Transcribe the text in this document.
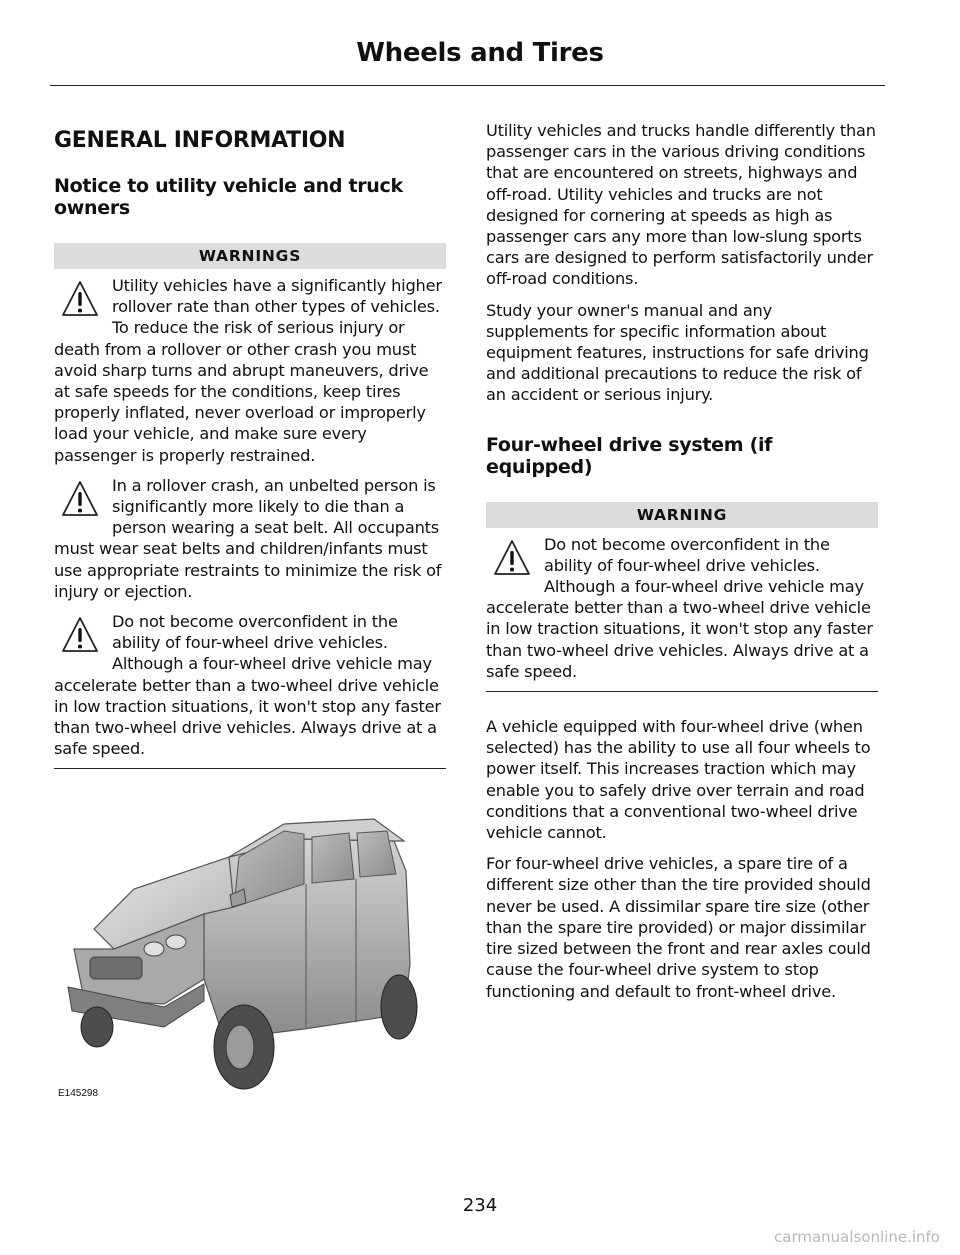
Wheels and Tires
GENERAL INFORMATION
Notice to utility vehicle and truck owners
WARNINGS
Utility vehicles have a significantly higher rollover rate than other types of vehicles. To reduce the risk of serious injury or death from a rollover or other crash you must avoid sharp turns and abrupt maneuvers, drive at safe speeds for the conditions, keep tires properly inflated, never overload or improperly load your vehicle, and make sure every passenger is properly restrained.
In a rollover crash, an unbelted person is significantly more likely to die than a person wearing a seat belt. All occupants must wear seat belts and children/infants must use appropriate restraints to minimize the risk of injury or ejection.
Do not become overconfident in the ability of four-wheel drive vehicles. Although a four-wheel drive vehicle may accelerate better than a two-wheel drive vehicle in low traction situations, it won't stop any faster than two-wheel drive vehicles. Always drive at a safe speed.
E145298

Utility vehicles and trucks handle differently than passenger cars in the various driving conditions that are encountered on streets, highways and off-road. Utility vehicles and trucks are not designed for cornering at speeds as high as passenger cars any more than low-slung sports cars are designed to perform satisfactorily under off-road conditions.

Study your owner's manual and any supplements for specific information about equipment features, instructions for safe driving and additional precautions to reduce the risk of an accident or serious injury.

Four-wheel drive system (if equipped)
WARNING
Do not become overconfident in the ability of four-wheel drive vehicles. Although a four-wheel drive vehicle may accelerate better than a two-wheel drive vehicle in low traction situations, it won't stop any faster than two-wheel drive vehicles. Always drive at a safe speed.

A vehicle equipped with four-wheel drive (when selected) has the ability to use all four wheels to power itself. This increases traction which may enable you to safely drive over terrain and road conditions that a conventional two-wheel drive vehicle cannot.

For four-wheel drive vehicles, a spare tire of a different size other than the tire provided should never be used. A dissimilar spare tire size (other than the spare tire provided) or major dissimilar tire sized between the front and rear axles could cause the four-wheel drive system to stop functioning and default to front-wheel drive.

234
carmanualsonline.info
